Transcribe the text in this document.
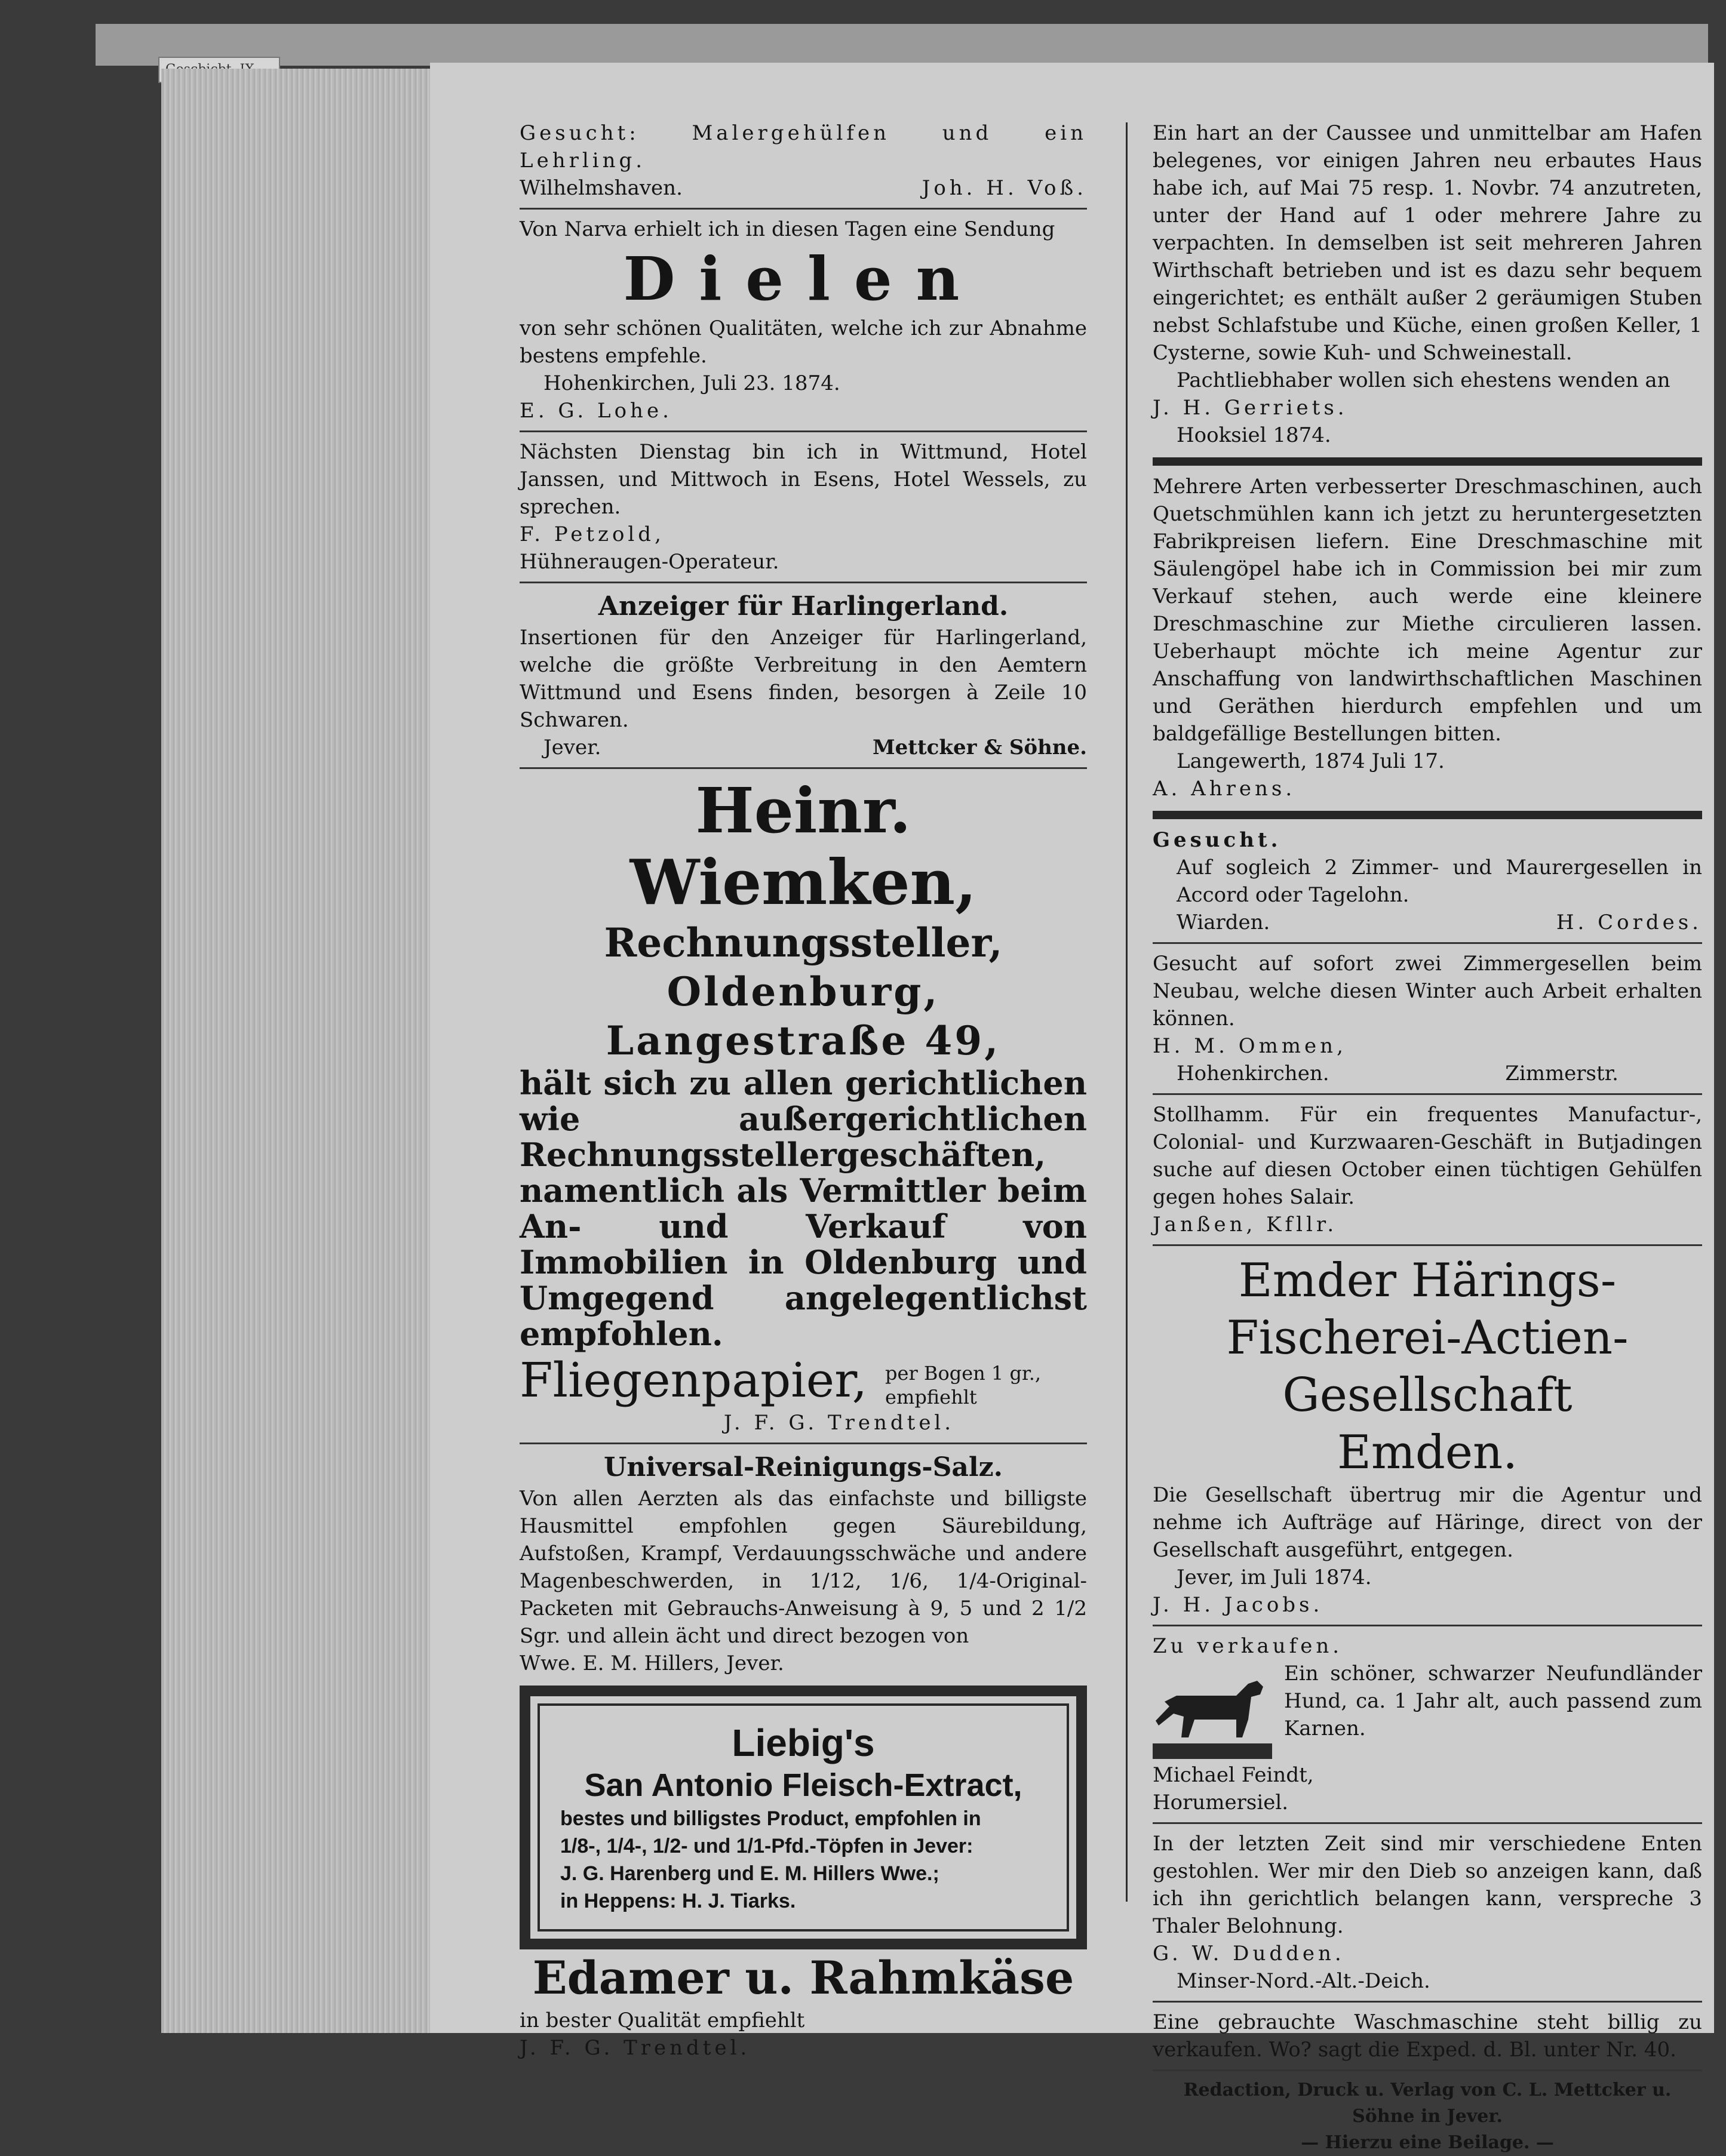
Gesucht: Malergehülfen und ein Lehrling.

Wilhelmshaven.	Joh. H. Voß.

Von Narva erhielt ich in diesen Tagen eine Sendung

Dielen

von sehr schönen Qualitäten, welche ich zur Abnahme bestens empfehle.

Hohenkirchen, Juli 23. 1874.

E. G. Lohe.

Nächsten Dienstag bin ich in Wittmund, Hotel Janssen, und Mittwoch in Esens, Hotel Wessels, zu sprechen.

F. Petzold,

Hühneraugen-Operateur.

Anzeiger für Harlingerland.

Insertionen für den Anzeiger für Harlingerland, welche die größte Verbreitung in den Aemtern Wittmund und Esens finden, besorgen à Zeile 10 Schwaren.

Jever.	Mettcker & Söhne.
Heinr. Wiemken,
Rechnungssteller,
Oldenburg, Langestraße 49,
hält sich zu allen gerichtlichen wie außergerichtlichen Rechnungsstellergeschäften, namentlich als Vermittler beim An- und Verkauf von Immobilien in Oldenburg und Umgegend angelegentlichst empfohlen.
Fliegenpapier, per Bogen 1 gr., empfiehlt

J. F. G. Trendtel.

Universal-Reinigungs-Salz.

Von allen Aerzten als das einfachste und billigste Hausmittel empfohlen gegen Säurebildung, Aufstoßen, Krampf, Verdauungsschwäche und andere Magenbeschwerden, in 1/12, 1/6, 1/4-Original-Packeten mit Gebrauchs-Anweisung à 9, 5 und 2 1/2 Sgr. und allein ächt und direct bezogen von

Wwe. E. M. Hillers, Jever.

Liebig's
San Antonio Fleisch-Extract,
bestes und billigstes Product, empfohlen in
1/8-, 1/4-, 1/2- und 1/1-Pfd.-Töpfen in Jever:
J. G. Harenberg und E. M. Hillers Wwe.;
in Heppens: H. J. Tiarks.
Edamer u. Rahmkäse

in bester Qualität empfiehlt

J. F. G. Trendtel.

Ein hart an der Caussee und unmittelbar am Hafen belegenes, vor einigen Jahren neu erbautes Haus habe ich, auf Mai 75 resp. 1. Novbr. 74 anzutreten, unter der Hand auf 1 oder mehrere Jahre zu verpachten. In demselben ist seit mehreren Jahren Wirthschaft betrieben und ist es dazu sehr bequem eingerichtet; es enthält außer 2 geräumigen Stuben nebst Schlafstube und Küche, einen großen Keller, 1 Cysterne, sowie Kuh- und Schweinestall.

Pachtliebhaber wollen sich ehestens wenden an

J. H. Gerriets.

Hooksiel 1874.

Mehrere Arten verbesserter Dreschmaschinen, auch Quetschmühlen kann ich jetzt zu heruntergesetzten Fabrikpreisen liefern. Eine Dreschmaschine mit Säulengöpel habe ich in Commission bei mir zum Verkauf stehen, auch werde eine kleinere Dreschmaschine zur Miethe circulieren lassen. Ueberhaupt möchte ich meine Agentur zur Anschaffung von landwirthschaftlichen Maschinen und Geräthen hierdurch empfehlen und um baldgefällige Bestellungen bitten.

Langewerth, 1874 Juli 17.

A. Ahrens.

Gesucht.

Auf sogleich 2 Zimmer- und Maurergesellen in Accord oder Tagelohn.

Wiarden.	H. Cordes.

Gesucht auf sofort zwei Zimmergesellen beim Neubau, welche diesen Winter auch Arbeit erhalten können.

H. M. Ommen,

Hohenkirchen.	Zimmerstr.

Stollhamm. Für ein frequentes Manufactur-, Colonial- und Kurzwaaren-Geschäft in Butjadingen suche auf diesen October einen tüchtigen Gehülfen gegen hohes Salair.

Janßen, Kfllr.

Emder Härings-
Fischerei-Actien-Gesellschaft
Emden.

Die Gesellschaft übertrug mir die Agentur und nehme ich Aufträge auf Häringe, direct von der Gesellschaft ausgeführt, entgegen.

Jever, im Juli 1874.

J. H. Jacobs.

Zu verkaufen.

Ein schöner, schwarzer Neufundländer Hund, ca. 1 Jahr alt, auch passend zum Karnen.

Michael Feindt,

Horumersiel.

In der letzten Zeit sind mir verschiedene Enten gestohlen. Wer mir den Dieb so anzeigen kann, daß ich ihn gerichtlich belangen kann, verspreche 3 Thaler Belohnung.

G. W. Dudden.

Minser-Nord.-Alt.-Deich.

Eine gebrauchte Waschmaschine steht billig zu verkaufen. Wo? sagt die Exped. d. Bl. unter Nr. 40.

Redaction, Druck u. Verlag von C. L. Mettcker u. Söhne in Jever.
— Hierzu eine Beilage. —
